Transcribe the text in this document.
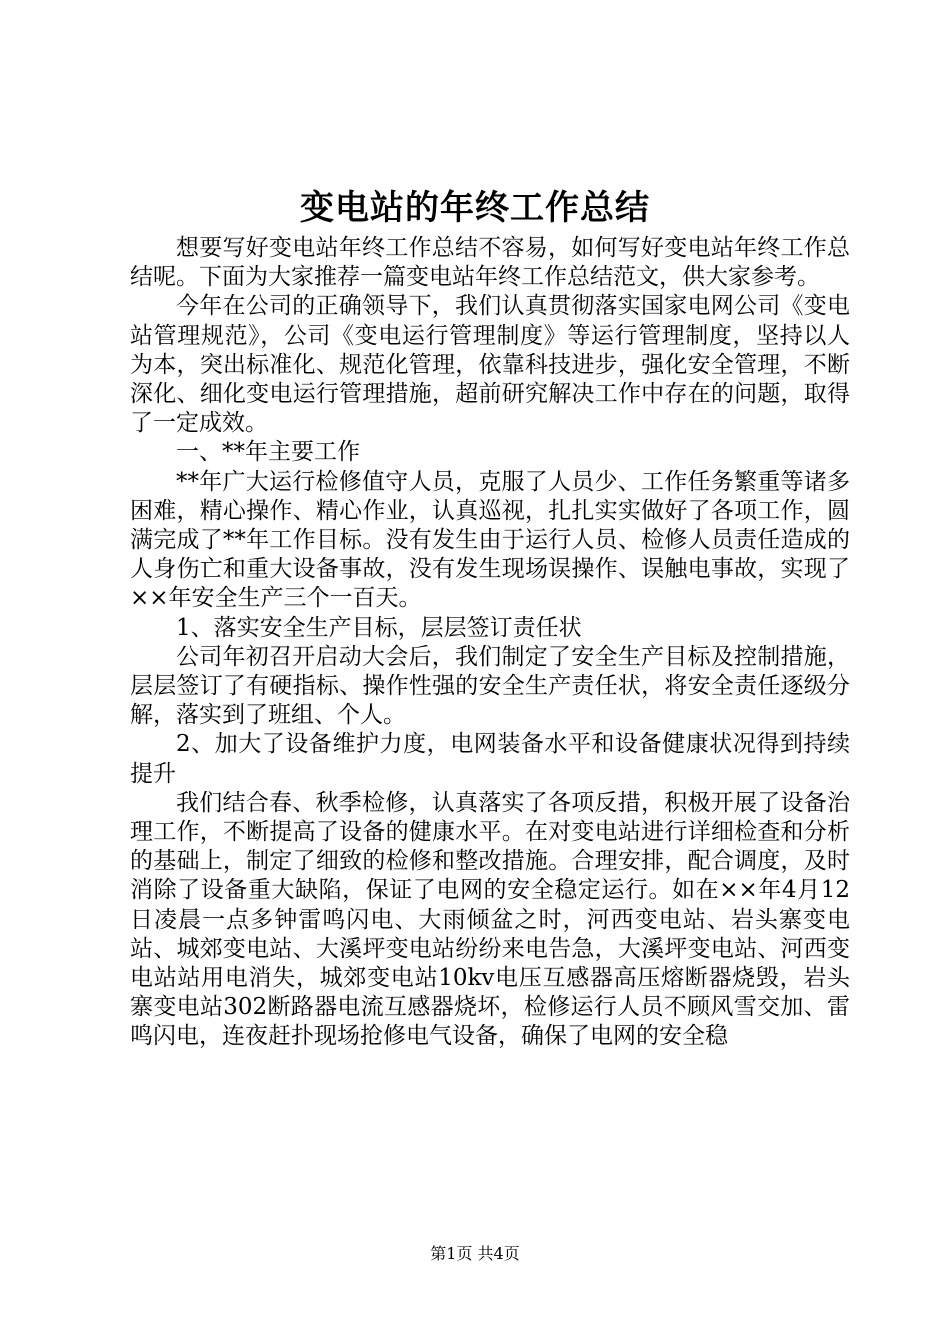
变电站的年终工作总结

想要写好变电站年终工作总结不容易，如何写好变电站年终工作总结呢。下面为大家推荐一篇变电站年终工作总结范文，供大家参考。

今年在公司的正确领导下，我们认真贯彻落实国家电网公司《变电站管理规范》，公司《变电运行管理制度》等运行管理制度，坚持以人为本，突出标准化、规范化管理，依靠科技进步，强化安全管理，不断深化、细化变电运行管理措施，超前研究解决工作中存在的问题，取得了一定成效。

一、**年主要工作

**年广大运行检修值守人员，克服了人员少、工作任务繁重等诸多困难，精心操作、精心作业，认真巡视，扎扎实实做好了各项工作，圆满完成了**年工作目标。没有发生由于运行人员、检修人员责任造成的人身伤亡和重大设备事故，没有发生现场误操作、误触电事故，实现了××年安全生产三个一百天。

1、落实安全生产目标，层层签订责任状

公司年初召开启动大会后，我们制定了安全生产目标及控制措施，层层签订了有硬指标、操作性强的安全生产责任状，将安全责任逐级分解，落实到了班组、个人。

2、加大了设备维护力度，电网装备水平和设备健康状况得到持续提升

我们结合春、秋季检修，认真落实了各项反措，积极开展了设备治理工作，不断提高了设备的健康水平。在对变电站进行详细检查和分析的基础上，制定了细致的检修和整改措施。合理安排，配合调度，及时消除了设备重大缺陷，保证了电网的安全稳定运行。如在××年4月12日凌晨一点多钟雷鸣闪电、大雨倾盆之时，河西变电站、岩头寨变电站、城郊变电站、大溪坪变电站纷纷来电告急，大溪坪变电站、河西变电站站用电消失，城郊变电站10kv电压互感器高压熔断器烧毁，岩头寨变电站302断路器电流互感器烧坏，检修运行人员不顾风雪交加、雷鸣闪电，连夜赶扑现场抢修电气设备，确保了电网的安全稳

第1页 共4页
